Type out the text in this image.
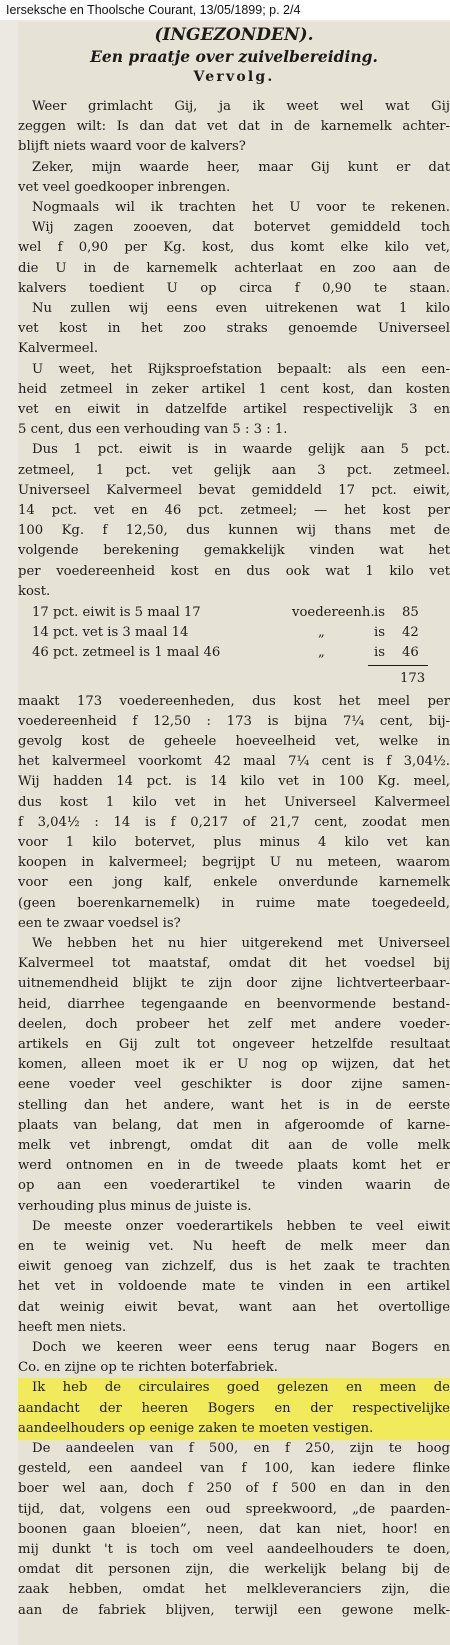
Ierseksche en Thoolsche Courant, 13/05/1899; p. 2/4
(INGEZONDEN).
Een praatje over zuivelbereiding.
Vervolg.
Weer grimlacht Gij, ja ik weet wel wat Gij
zeggen wilt: Is dan dat vet dat in de karnemelk achter-
blijft niets waard voor de kalvers?
Zeker, mijn waarde heer, maar Gij kunt er dat
vet veel goedkooper inbrengen.
Nogmaals wil ik trachten het U voor te rekenen.
Wij zagen zooeven, dat botervet gemiddeld toch
wel f 0,90 per Kg. kost, dus komt elke kilo vet,
die U in de karnemelk achterlaat en zoo aan de
kalvers toedient U op circa f 0,90 te staan.
Nu zullen wij eens even uitrekenen wat 1 kilo
vet kost in het zoo straks genoemde Universeel
Kalvermeel.
U weet, het Rijksproefstation bepaalt: als een een-
heid zetmeel in zeker artikel 1 cent kost, dan kosten
vet en eiwit in datzelfde artikel respectivelijk 3 en
5 cent, dus een verhouding van 5 : 3 : 1.
Dus 1 pct. eiwit is in waarde gelijk aan 5 pct.
zetmeel, 1 pct. vet gelijk aan 3 pct. zetmeel.
Universeel Kalvermeel bevat gemiddeld 17 pct. eiwit,
14 pct. vet en 46 pct. zetmeel; — het kost per
100 Kg. f 12,50, dus kunnen wij thans met de
volgende berekening gemakkelijk vinden wat het
per voedereenheid kost en dus ook wat 1 kilo vet
kost.
17 pct. eiwit is 5 maal 17	voedereenh. is 85
14 pct. vet is 3 maal 14	„	is 42
46 pct. zetmeel is 1 maal 46	„	is 46
173
maakt 173 voedereenheden, dus kost het meel per
voedereenheid f 12,50 : 173 is bijna 7¼ cent, bij-
gevolg kost de geheele hoeveelheid vet, welke in
het kalvermeel voorkomt 42 maal 7¼ cent is f 3,04½.
Wij hadden 14 pct. is 14 kilo vet in 100 Kg. meel,
dus kost 1 kilo vet in het Universeel Kalvermeel
f 3,04½ : 14 is f 0,217 of 21,7 cent, zoodat men
voor 1 kilo botervet, plus minus 4 kilo vet kan
koopen in kalvermeel; begrijpt U nu meteen, waarom
voor een jong kalf, enkele onverdunde karnemelk
(geen boerenkarnemelk) in ruime mate toegedeeld,
een te zwaar voedsel is?
We hebben het nu hier uitgerekend met Universeel
Kalvermeel tot maatstaf, omdat dit het voedsel bij
uitnemendheid blijkt te zijn door zijne lichtverteerbaar-
heid, diarrhee tegengaande en beenvormende bestand-
deelen, doch probeer het zelf met andere voeder-
artikels en Gij zult tot ongeveer hetzelfde resultaat
komen, alleen moet ik er U nog op wijzen, dat het
eene voeder veel geschikter is door zijne samen-
stelling dan het andere, want het is in de eerste
plaats van belang, dat men in afgeroomde of karne-
melk vet inbrengt, omdat dit aan de volle melk
werd ontnomen en in de tweede plaats komt het er
op aan een voederartikel te vinden waarin de
verhouding plus minus de juiste is.
De meeste onzer voederartikels hebben te veel eiwit
en te weinig vet. Nu heeft de melk meer dan
eiwit genoeg van zichzelf, dus is het zaak te trachten
het vet in voldoende mate te vinden in een artikel
dat weinig eiwit bevat, want aan het overtollige
heeft men niets.
Doch we keeren weer eens terug naar Bogers en
Co. en zijne op te richten boterfabriek.
Ik heb de circulaires goed gelezen en meen de
aandacht der heeren Bogers en der respectivelijke
aandeelhouders op eenige zaken te moeten vestigen.
De aandeelen van f 500, en f 250, zijn te hoog
gesteld, een aandeel van f 100, kan iedere flinke
boer wel aan, doch f 250 of f 500 en dan in den
tijd, dat, volgens een oud spreekwoord, „de paarden-
boonen gaan bloeien”, neen, dat kan niet, hoor! en
mij dunkt 't is toch om veel aandeelhouders te doen,
omdat dit personen zijn, die werkelijk belang bij de
zaak hebben, omdat het melkleveranciers zijn, die
aan de fabriek blijven, terwijl een gewone melk-
